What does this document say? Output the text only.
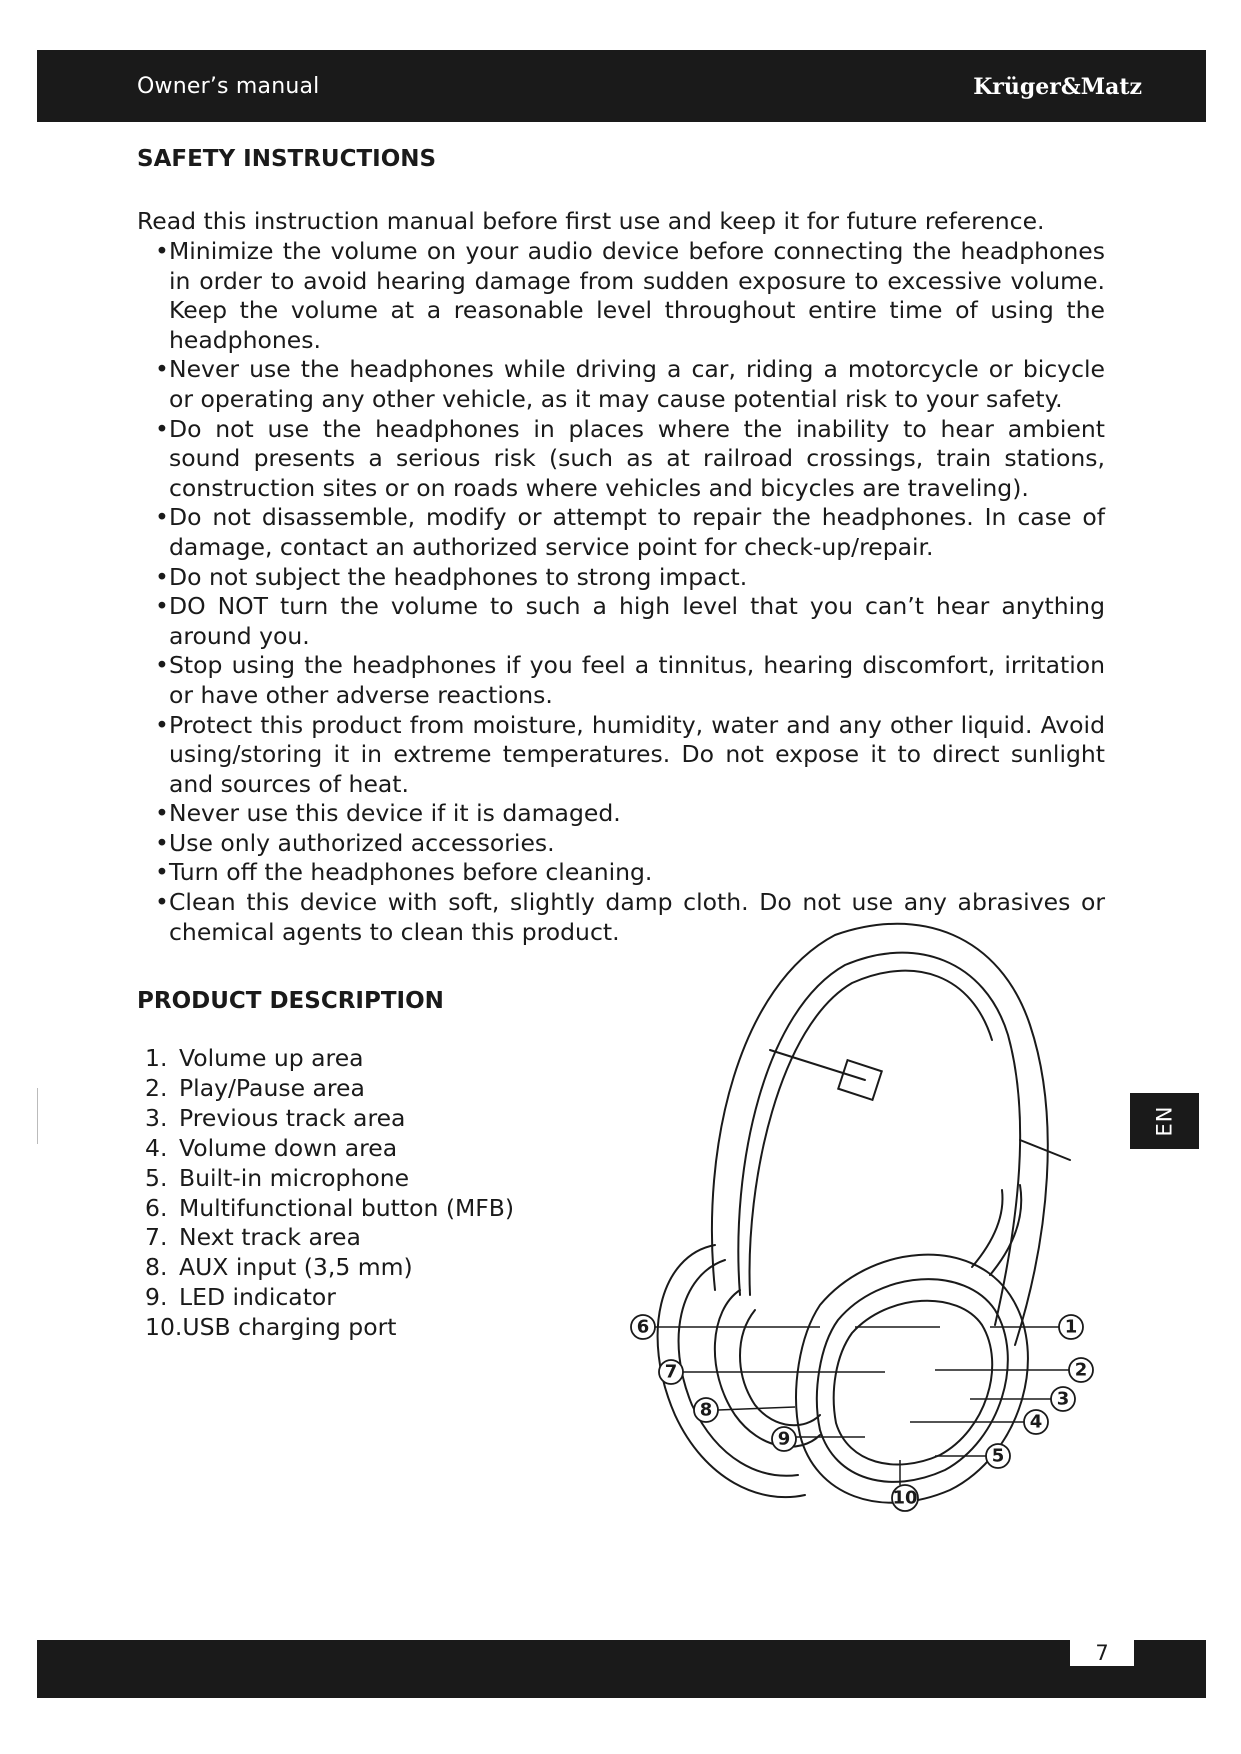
Owner’s manual	Krüger&Matz
SAFETY INSTRUCTIONS

Read this instruction manual before first use and keep it for future reference.

• Minimize the volume on your audio device before connecting the headphones in order to avoid hearing damage from sudden exposure to excessive volume. Keep the volume at a reasonable level throughout entire time of using the headphones.
• Never use the headphones while driving a car, riding a motorcycle or bicycle or operating any other vehicle, as it may cause potential risk to your safety.
• Do not use the headphones in places where the inability to hear ambient sound presents a serious risk (such as at railroad crossings, train stations, construction sites or on roads where vehicles and bicycles are traveling).
• Do not disassemble, modify or attempt to repair the headphones. In case of damage, contact an authorized service point for check-up/repair.
• Do not subject the headphones to strong impact.
• DO NOT turn the volume to such a high level that you can’t hear anything around you.
• Stop using the headphones if you feel a tinnitus, hearing discomfort, irritation or have other adverse reactions.
• Protect this product from moisture, humidity, water and any other liquid. Avoid using/storing it in extreme temperatures. Do not expose it to direct sunlight and sources of heat.
• Never use this device if it is damaged.
• Use only authorized accessories.
• Turn off the headphones before cleaning.
• Clean this device with soft, slightly damp cloth. Do not use any abrasives or chemical agents to clean this product.
PRODUCT DESCRIPTION
1. Volume up area
2. Play/Pause area
3. Previous track area
4. Volume down area
5. Built-in microphone
6. Multifunctional button (MFB)
7. Next track area
8. AUX input (3,5 mm)
9. LED indicator
10.USB charging port	1
2
3
4
5
6
7
8
9
10
EN
7
